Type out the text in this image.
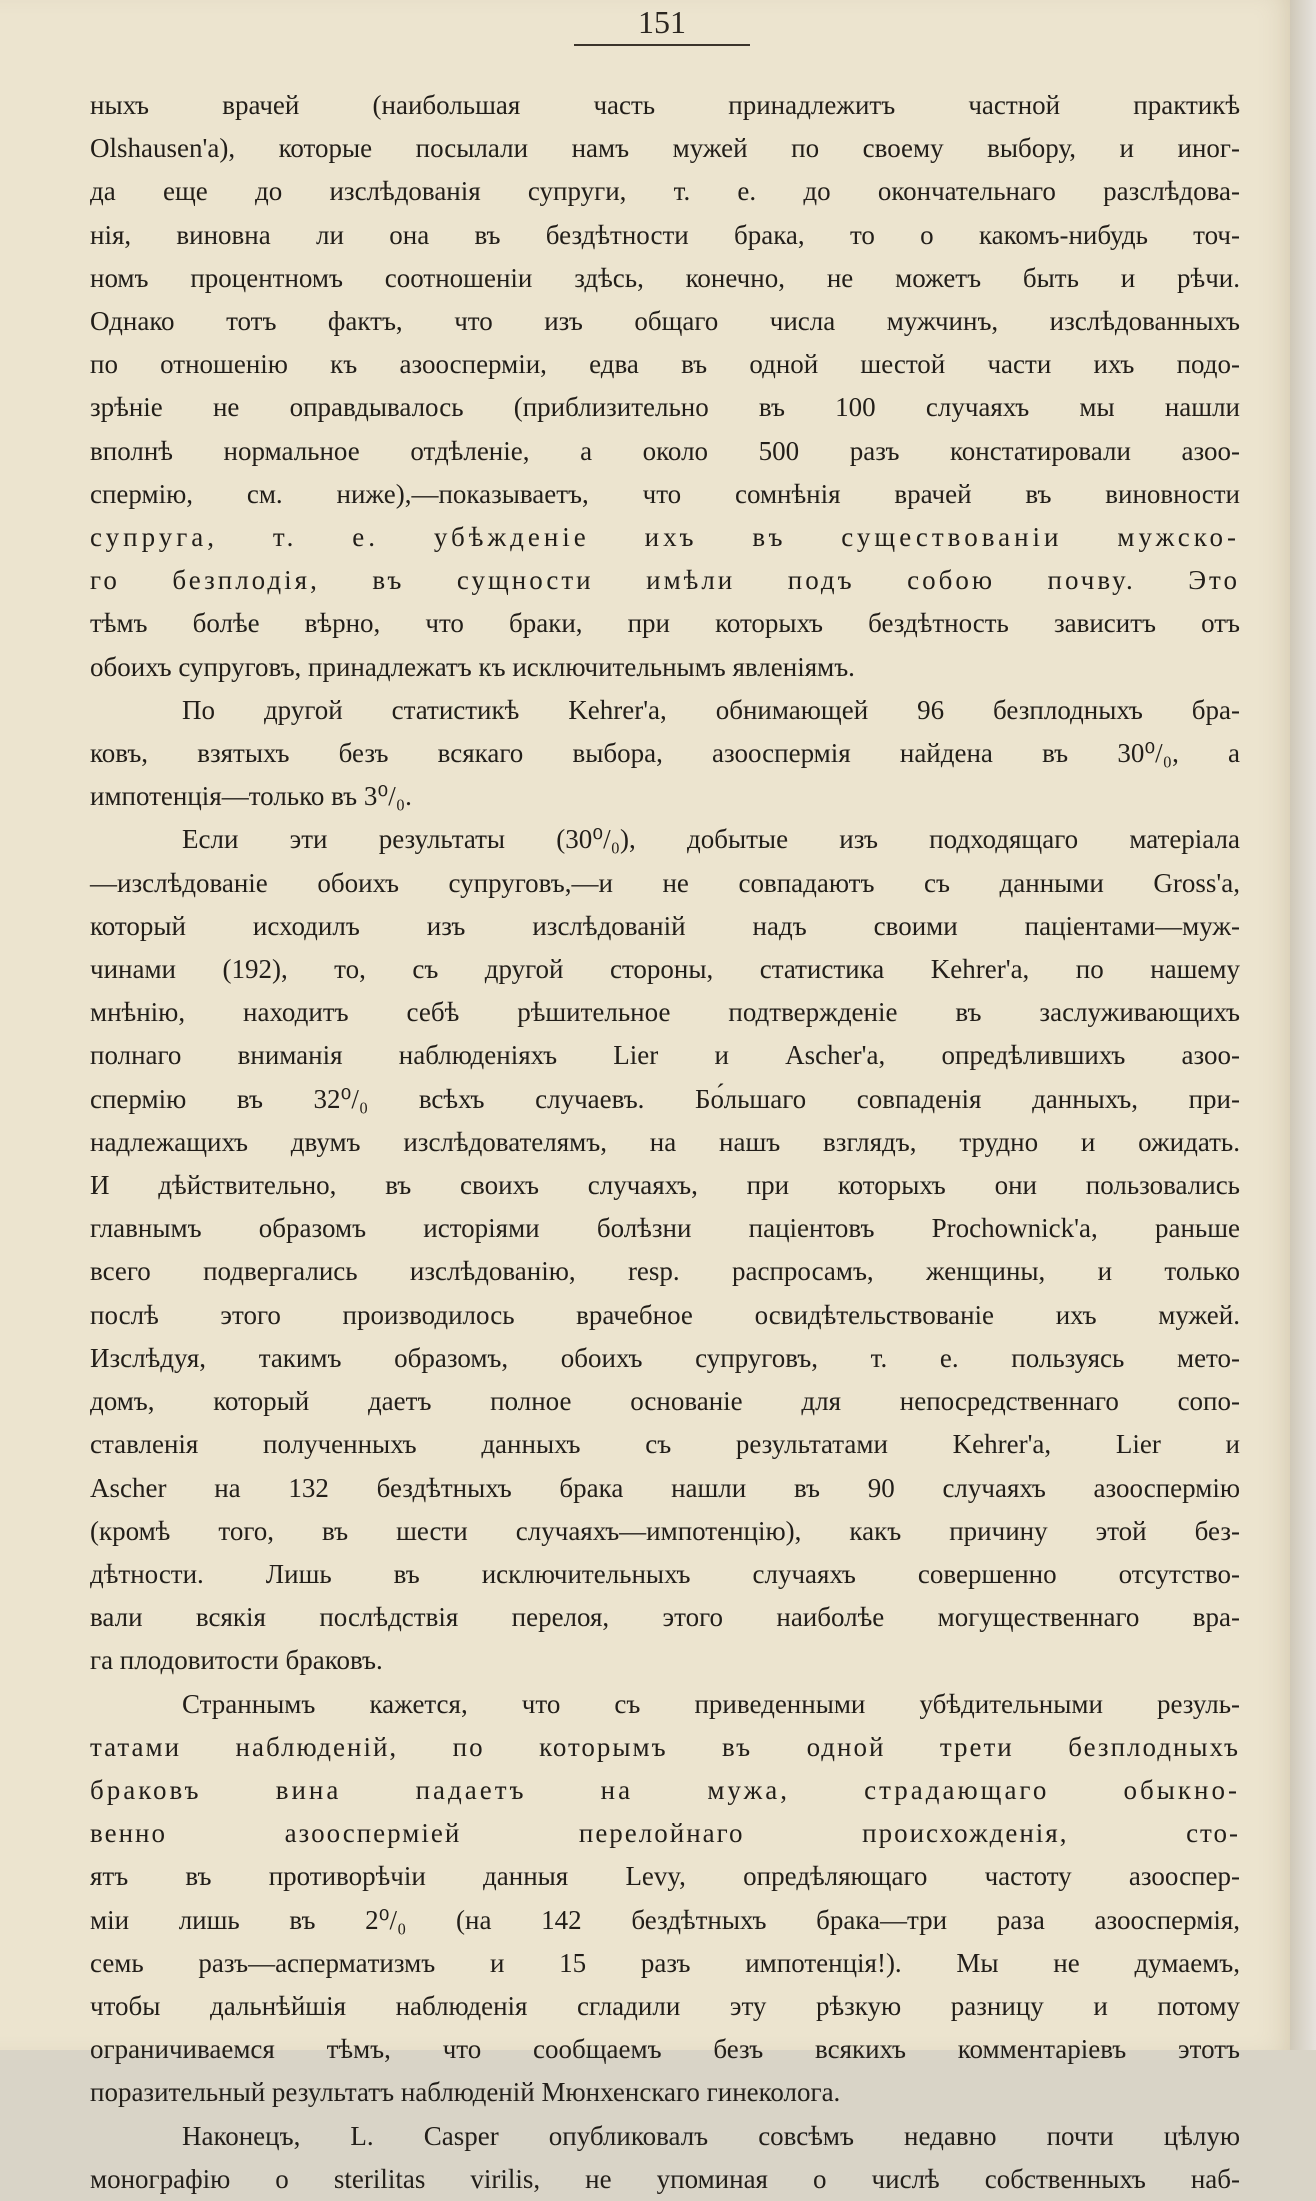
151
ныхъ врачей (наибольшая часть принадлежитъ частной практикѣ
Olshausen'a), которые посылали намъ мужей по своему выбору, и иног-
да еще до изслѣдованія супруги, т. е. до окончательнаго разслѣдова-
нія, виновна ли она въ бездѣтности брака, то о какомъ-нибудь точ-
номъ процентномъ соотношеніи здѣсь, конечно, не можетъ быть и рѣчи.
Однако тотъ фактъ, что изъ общаго числа мужчинъ, изслѣдованныхъ
по отношенію къ азооспермiи, едва въ одной шестой части ихъ подо-
зрѣніе не оправдывалось (приблизительно въ 100 случаяхъ мы нашли
вполнѣ нормальное отдѣленіе, а около 500 разъ констатировали азоо-
спермію, см. ниже),—показываетъ, что сомнѣнія врачей въ виновности
супруга, т. е. убѣжденіе ихъ въ существованіи мужско-
го безплодія, въ сущности имѣли подъ собою почву. Это
тѣмъ болѣе вѣрно, что браки, при которыхъ бездѣтность зависитъ отъ
обоихъ супруговъ, принадлежатъ къ исключительнымъ явленіямъ.
По другой статистикѣ Kehrer'a, обнимающей 96 безплодныхъ бра-
ковъ, взятыхъ безъ всякаго выбора, азооспермія найдена въ 30⁰/₀, а
импотенція—только въ 3⁰/₀.
Если эти результаты (30⁰/₀), добытые изъ подходящаго матеріала
—изслѣдованіе обоихъ супруговъ,—и не совпадаютъ съ данными Gross'a,
который исходилъ изъ изслѣдованій надъ своими паціентами—муж-
чинами (192), то, съ другой стороны, статистика Kehrer'a, по нашему
мнѣнію, находитъ себѣ рѣшительное подтвержденіе въ заслуживающихъ
полнаго вниманія наблюденіяхъ Lier и Ascher'a, опредѣлившихъ азоо-
спермію въ 32⁰/₀ всѣхъ случаевъ. Бо́льшаго совпаденія данныхъ, при-
надлежащихъ двумъ изслѣдователямъ, на нашъ взглядъ, трудно и ожидать.
И дѣйствительно, въ своихъ случаяхъ, при которыхъ они пользовались
главнымъ образомъ исторіями болѣзни паціентовъ Prochownick'a, раньше
всего подвергались изслѣдованію, resp. распросамъ, женщины, и только
послѣ этого производилось врачебное освидѣтельствованіе ихъ мужей.
Изслѣдуя, такимъ образомъ, обоихъ супруговъ, т. е. пользуясь мето-
домъ, который даетъ полное основаніе для непосредственнаго сопо-
ставленія полученныхъ данныхъ съ результатами Kehrer'a, Lier и
Ascher на 132 бездѣтныхъ брака нашли въ 90 случаяхъ азооспермію
(кромѣ того, въ шести случаяхъ—импотенцію), какъ причину этой без-
дѣтности. Лишь въ исключительныхъ случаяхъ совершенно отсутство-
вали всякія послѣдствія перелоя, этого наиболѣе могущественнаго вра-
га плодовитости браковъ.
Страннымъ кажется, что съ приведенными убѣдительными резуль-
татами наблюденій, по которымъ въ одной трети безплодныхъ
браковъ вина падаетъ на мужа, страдающаго обыкно-
венно азооспермiей перелойнаго происхожденія, сто-
ятъ въ противорѣчіи данныя Levy, опредѣляющаго частоту азооспер-
міи лишь въ 2⁰/₀ (на 142 бездѣтныхъ брака—три раза азооспермія,
семь разъ—аспермaтизмъ и 15 разъ импотенція!). Мы не думаемъ,
чтобы дальнѣйшія наблюденія сгладили эту рѣзкую разницу и потому
ограничиваемся тѣмъ, что сообщаемъ безъ всякихъ комментаріевъ этотъ
поразительный результатъ наблюденій Мюнхенскаго гинеколога.
Наконецъ, L. Casper опубликовалъ совсѣмъ недавно почти цѣлую
монографію о sterilitas virilis, не упоминая о числѣ собственныхъ наб-
